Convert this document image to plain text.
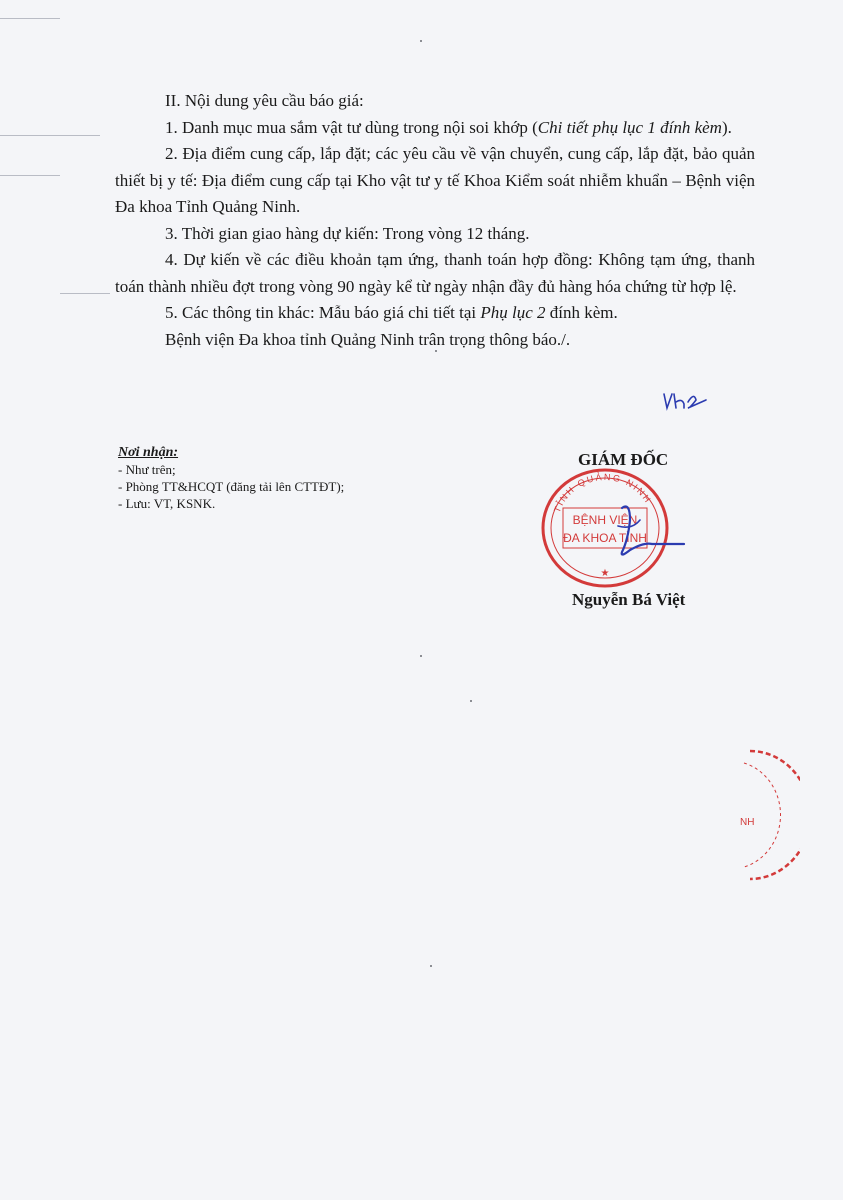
II. Nội dung yêu cầu báo giá:

1. Danh mục mua sắm vật tư dùng trong nội soi khớp (Chi tiết phụ lục 1 đính kèm).

2. Địa điểm cung cấp, lắp đặt; các yêu cầu về vận chuyển, cung cấp, lắp đặt, bảo quản thiết bị y tế: Địa điểm cung cấp tại Kho vật tư y tế Khoa Kiểm soát nhiễm khuẩn – Bệnh viện Đa khoa Tỉnh Quảng Ninh.

3. Thời gian giao hàng dự kiến: Trong vòng 12 tháng.

4. Dự kiến về các điều khoản tạm ứng, thanh toán hợp đồng: Không tạm ứng, thanh toán thành nhiều đợt trong vòng 90 ngày kể từ ngày nhận đầy đủ hàng hóa chứng từ hợp lệ.

5. Các thông tin khác: Mẫu báo giá chi tiết tại Phụ lục 2 đính kèm.

Bệnh viện Đa khoa tỉnh Quảng Ninh trân trọng thông báo./.

Nơi nhận:
- Như trên;
- Phòng TT&HCQT (đăng tải lên CTTĐT);
- Lưu: VT, KSNK.	TỈNH QUẢNG NINH
BỆNH VIỆN
ĐA KHOA TỈNH
★
GIÁM ĐỐC
Nguyễn Bá Việt
NH
